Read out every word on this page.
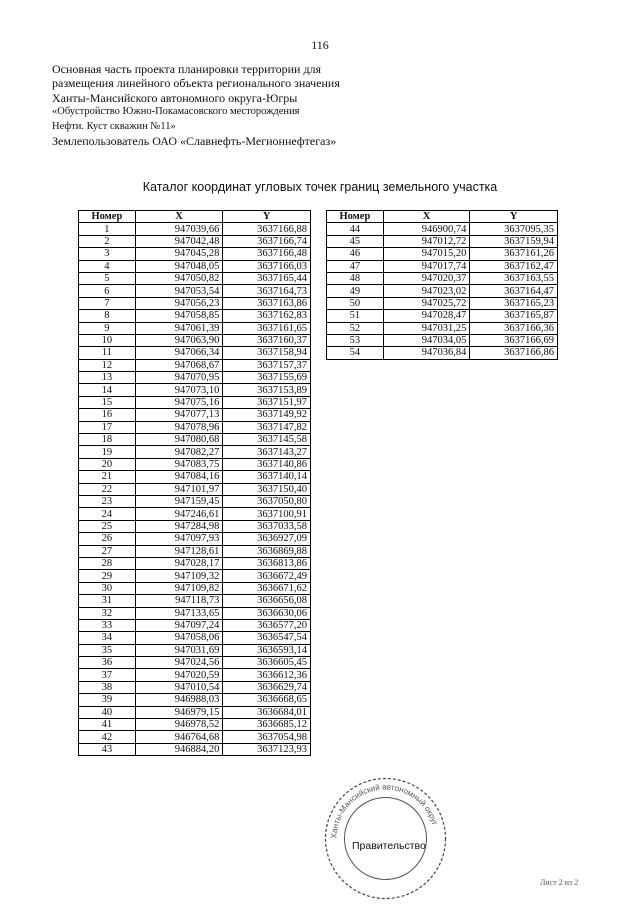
116
Основная часть проекта планировки территории для
размещения линейного объекта регионального значения
Ханты-Мансийского автономного округа-Югры
«Обустройство Южно-Покамасовского месторождения
Нефти. Куст скважин №11»
Землепользователь ОАО «Славнефть-Мегионнефтегаз»
Каталог координат угловых точек границ земельного участка
Номер	X	Y
1	947039,66	3637166,88
2	947042,48	3637166,74
3	947045,28	3637166,48
4	947048,05	3637166,03
5	947050,82	3637165,44
6	947053,54	3637164,73
7	947056,23	3637163,86
8	947058,85	3637162,83
9	947061,39	3637161,65
10	947063,90	3637160,37
11	947066,34	3637158,94
12	947068,67	3637157,37
13	947070,95	3637155,69
14	947073,10	3637153,89
15	947075,16	3637151,97
16	947077,13	3637149,92
17	947078,96	3637147,82
18	947080,68	3637145,58
19	947082,27	3637143,27
20	947083,75	3637140,86
21	947084,16	3637140,14
22	947101,97	3637150,40
23	947159,45	3637050,80
24	947246,61	3637100,91
25	947284,98	3637033,58
26	947097,93	3636927,09
27	947128,61	3636869,88
28	947028,17	3636813,86
29	947109,32	3636672,49
30	947109,82	3636671,62
31	947118,73	3636656,08
32	947133,65	3636630,06
33	947097,24	3636577,20
34	947058,06	3636547,54
35	947031,69	3636593,14
36	947024,56	3636605,45
37	947020,59	3636612,36
38	947010,54	3636629,74
39	946988,03	3636668,65
40	946979,15	3636684,01
41	946978,52	3636685,12
42	946764,68	3637054,98
43	946884,20	3637123,93
Номер	X	Y
44	946900,74	3637095,35
45	947012,72	3637159,94
46	947015,20	3637161,26
47	947017,74	3637162,47
48	947020,37	3637163,55
49	947023,02	3637164,47
50	947025,72	3637165,23
51	947028,47	3637165,87
52	947031,25	3637166,36
53	947034,05	3637166,69
54	947036,84	3637166,86
Ханты-Мансийский автономный округ
Правительство
Лист 2 из 2
